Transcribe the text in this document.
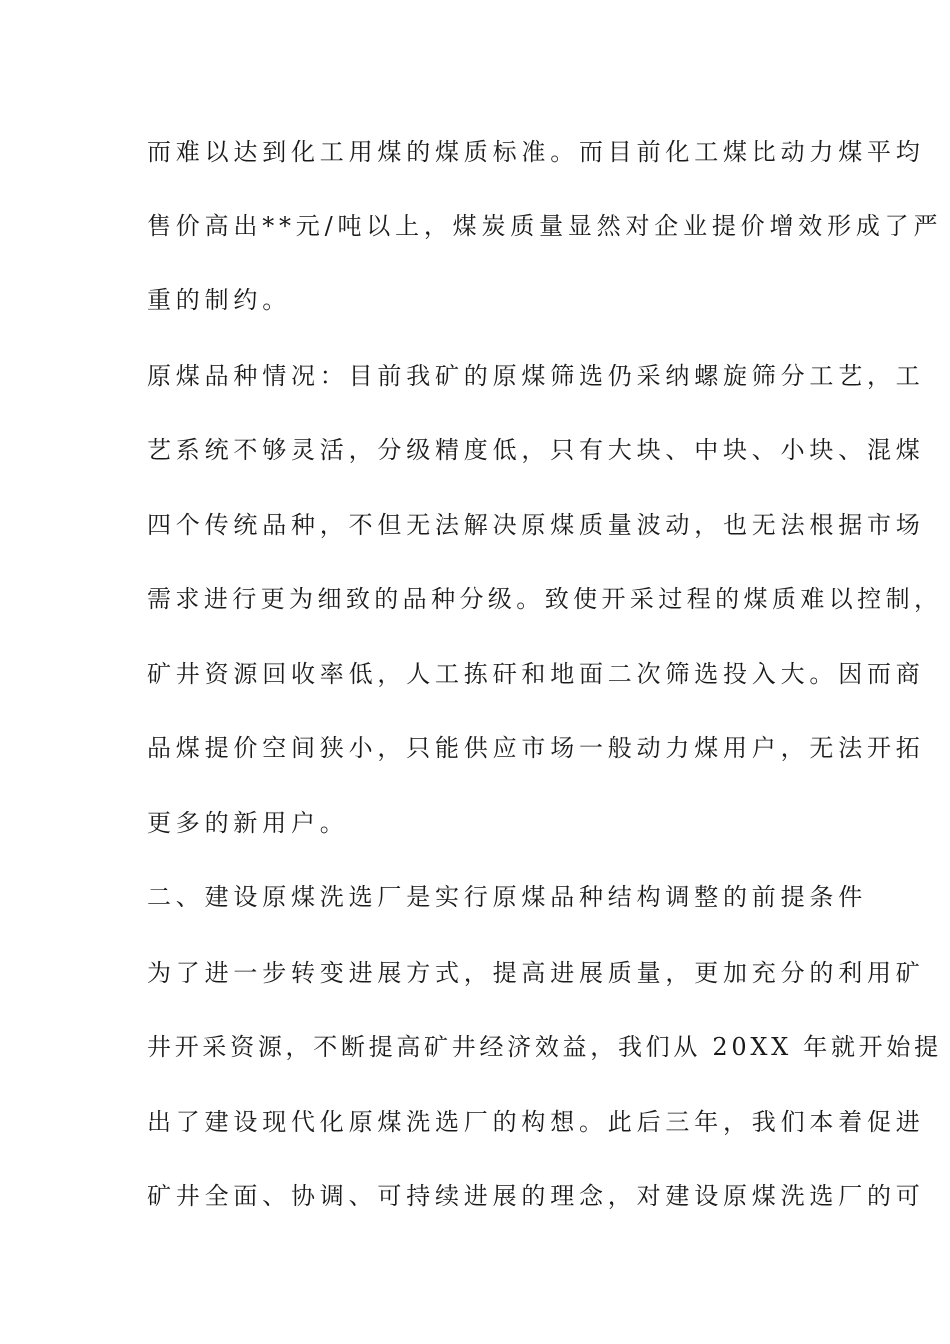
而难以达到化工用煤的煤质标准。而目前化工煤比动力煤平均
售价高出**元/吨以上，煤炭质量显然对企业提价增效形成了严
重的制约。
原煤品种情况：目前我矿的原煤筛选仍采纳螺旋筛分工艺，工
艺系统不够灵活，分级精度低，只有大块、中块、小块、混煤
四个传统品种，不但无法解决原煤质量波动，也无法根据市场
需求进行更为细致的品种分级。致使开采过程的煤质难以控制，
矿井资源回收率低，人工拣矸和地面二次筛选投入大。因而商
品煤提价空间狭小，只能供应市场一般动力煤用户，无法开拓
更多的新用户。
二、建设原煤洗选厂是实行原煤品种结构调整的前提条件
为了进一步转变进展方式，提高进展质量，更加充分的利用矿
井开采资源，不断提高矿井经济效益，我们从 20XX 年就开始提
出了建设现代化原煤洗选厂的构想。此后三年，我们本着促进
矿井全面、协调、可持续进展的理念，对建设原煤洗选厂的可
